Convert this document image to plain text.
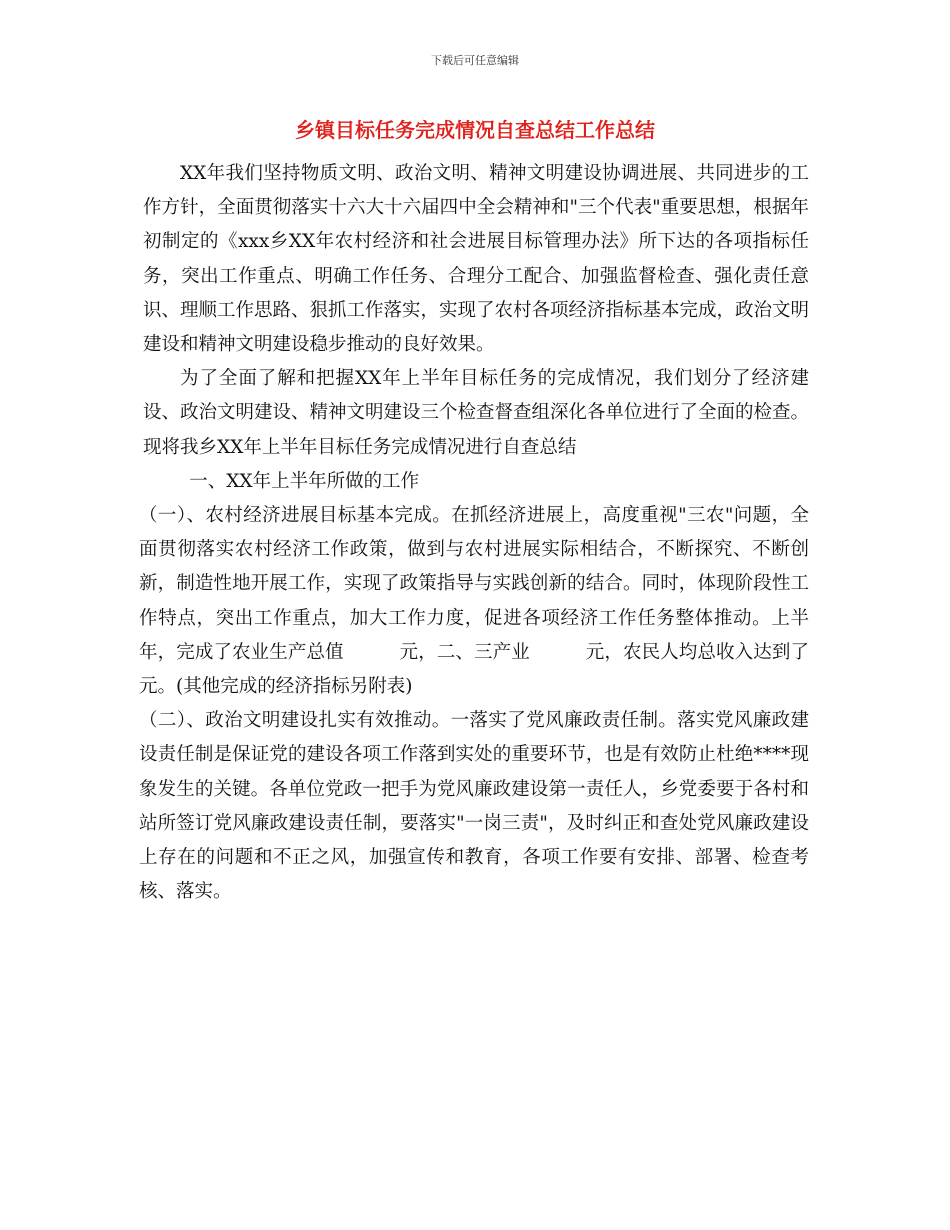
下载后可任意编辑
乡镇目标任务完成情况自查总结工作总结

XX年我们坚持物质文明、政治文明、精神文明建设协调进展、共同进步的工作方针，全面贯彻落实十六大十六届四中全会精神和"三个代表"重要思想，根据年初制定的《xxx乡XX年农村经济和社会进展目标管理办法》所下达的各项指标任务，突出工作重点、明确工作任务、合理分工配合、加强监督检查、强化责任意识、理顺工作思路、狠抓工作落实，实现了农村各项经济指标基本完成，政治文明建设和精神文明建设稳步推动的良好效果。

为了全面了解和把握XX年上半年目标任务的完成情况，我们划分了经济建设、政治文明建设、精神文明建设三个检查督查组深化各单位进行了全面的检查。现将我乡XX年上半年目标任务完成情况进行自查总结

一、XX年上半年所做的工作

（一）、农村经济进展目标基本完成。在抓经济进展上，高度重视"三农"问题，全面贯彻落实农村经济工作政策，做到与农村进展实际相结合，不断探究、不断创新，制造性地开展工作，实现了政策指导与实践创新的结合。同时，体现阶段性工作特点，突出工作重点，加大工作力度，促进各项经济工作任务整体推动。上半年，完成了农业生产总值　　　元，二、三产业　　　元，农民人均总收入达到了　　　元。(其他完成的经济指标另附表)

（二）、政治文明建设扎实有效推动。一落实了党风廉政责任制。落实党风廉政建设责任制是保证党的建设各项工作落到实处的重要环节，也是有效防止杜绝****现象发生的关键。各单位党政一把手为党风廉政建设第一责任人，乡党委要于各村和站所签订党风廉政建设责任制，要落实"一岗三责"，及时纠正和查处党风廉政建设上存在的问题和不正之风，加强宣传和教育，各项工作要有安排、部署、检查考核、落实。
